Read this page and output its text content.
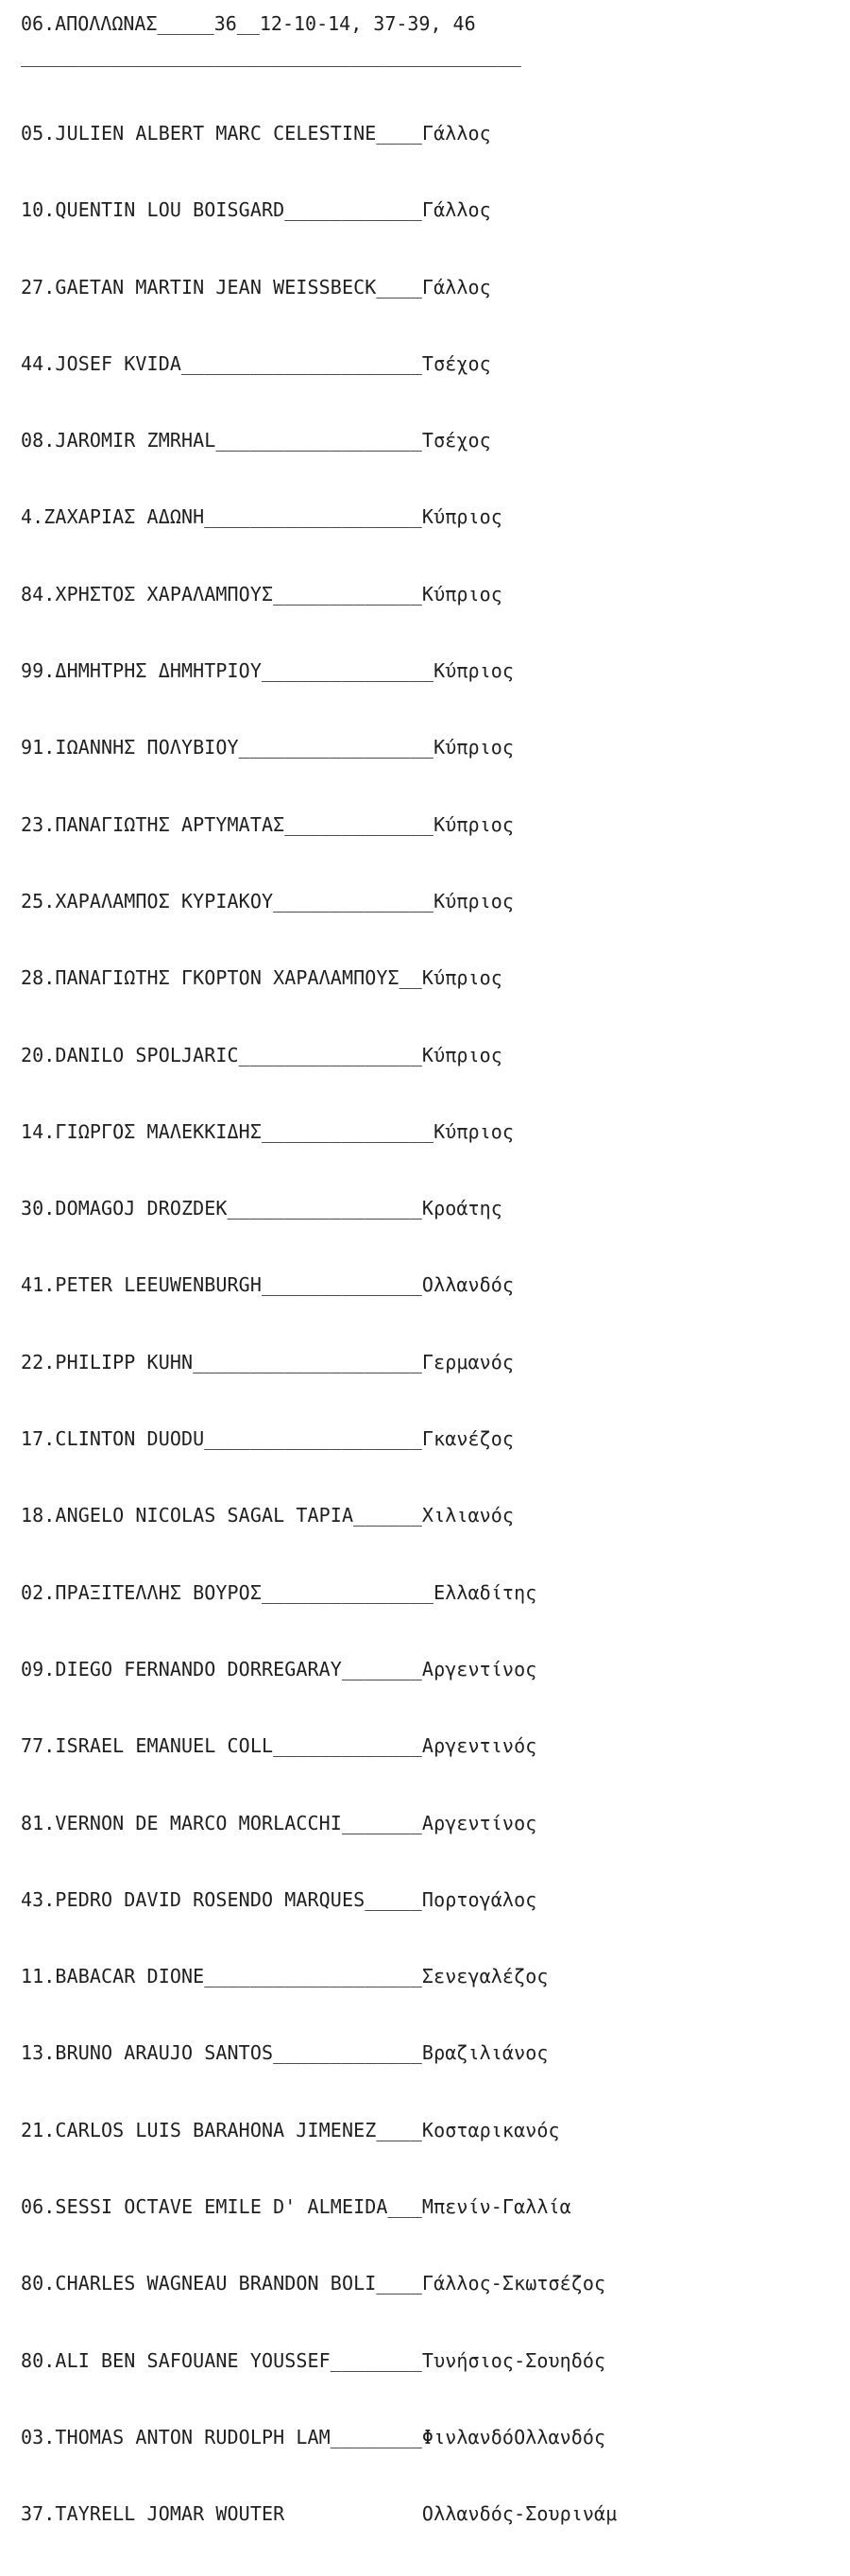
06.ΑΠΟΛΛΩΝΑΣ_____36__12-10-14, 37-39, 46

____________________________________________

05.JULIEN ALBERT MARC CELESTINE____Γάλλος

10.QUENTIN LOU BOISGARD____________Γάλλος

27.GAETAN MARTIN JEAN WEISSBECK____Γάλλος

44.JOSEF KVIDA_____________________Τσέχος

08.JAROMIR ZMRHAL__________________Τσέχος

4.ΖΑΧΑΡΙΑΣ ΑΔΩΝΗ___________________Κύπριος

84.ΧΡΗΣΤΟΣ ΧΑΡΑΛΑΜΠΟΥΣ_____________Κύπριος

99.ΔΗΜΗΤΡΗΣ ΔΗΜΗΤΡΙΟΥ_______________Κύπριος

91.ΙΩΑΝΝΗΣ ΠΟΛΥΒΙΟΥ_________________Κύπριος

23.ΠΑΝΑΓΙΩΤΗΣ ΑΡΤΥΜΑΤΑΣ_____________Κύπριος

25.ΧΑΡΑΛΑΜΠΟΣ ΚΥΡΙΑΚΟΥ______________Κύπριος

28.ΠΑΝΑΓΙΩΤΗΣ ΓΚΟΡΤΟΝ ΧΑΡΑΛΑΜΠΟΥΣ__Κύπριος

20.DANILO SPOLJARIC________________Κύπριος

14.ΓΙΩΡΓΟΣ ΜΑΛΕΚΚΙΔΗΣ_______________Κύπριος

30.DOMAGOJ DROZDEK_________________Κροάτης

41.PETER LEEUWENBURGH______________Ολλανδός

22.PHILIPP KUHN____________________Γερμανός

17.CLINTON DUODU___________________Γκανέζος

18.ANGELO NICOLAS SAGAL TAPIA______Χιλιανός

02.ΠΡΑΞΙΤΕΛΛΗΣ ΒΟΥΡΟΣ_______________Ελλαδίτης

09.DIEGO FERNANDO DORREGARAY_______Αργεντίνος

77.ISRAEL EMANUEL COLL_____________Αργεντινός

81.VERNON DE MARCO MORLACCHI_______Αργεντίνος

43.PEDRO DAVID ROSENDO MARQUES_____Πορτογάλος

11.BABACAR DIONE___________________Σενεγαλέζος

13.BRUNO ARAUJO SANTOS_____________Βραζιλιάνος

21.CARLOS LUIS BARAHONA JIMENEZ____Κοσταρικανός

06.SESSI OCTAVE EMILE D' ALMEIDA___Μπενίν-Γαλλία

80.CHARLES WAGNEAU BRANDON BOLI____Γάλλος-Σκωτσέζος

80.ALI BEN SAFOUANE YOUSSEF________Τυνήσιος-Σουηδός

03.THOMAS ANTON RUDOLPH LAM________ΦινλανδόΟλλανδός

37.TAYRELL JOMAR WOUTER            Ολλανδός-Σουρινάμ
